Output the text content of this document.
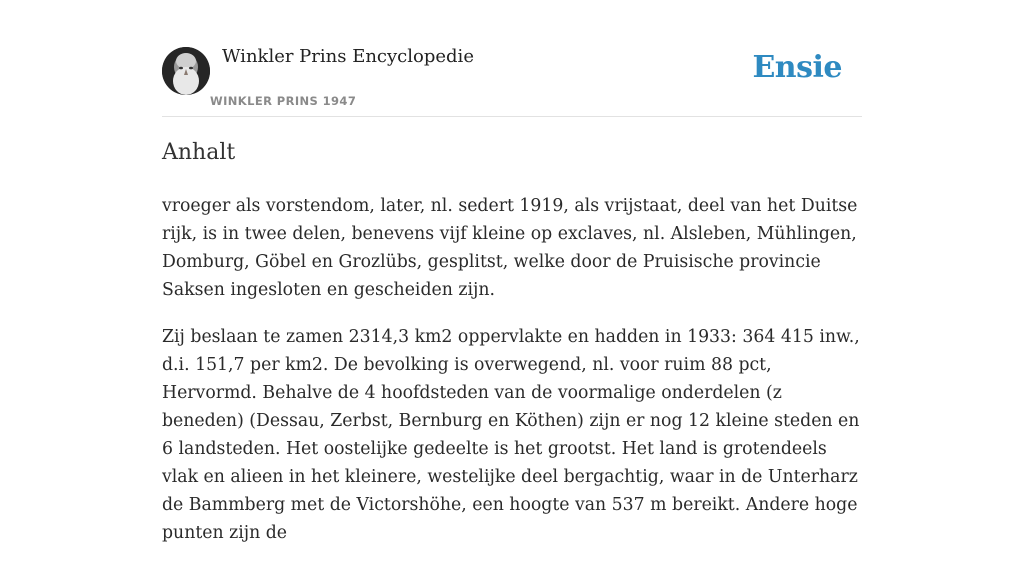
Winkler Prins Encyclopedie
WINKLER PRINS 1947
Ensie
Anhalt

vroeger als vorstendom, later, nl. sedert 1919, als vrijstaat, deel van het Duitse rijk, is in twee delen, benevens vijf kleine op exclaves, nl. Alsleben, Mühlingen, Domburg, Göbel en Grozlübs, gesplitst, welke door de Pruisische provincie Saksen ingesloten en gescheiden zijn.

Zij beslaan te zamen 2314,3 km2 oppervlakte en hadden in 1933: 364 415 inw., d.i. 151,7 per km2. De bevolking is overwegend, nl. voor ruim 88 pct, Hervormd. Behalve de 4 hoofdsteden van de voormalige onderdelen (z beneden) (Dessau, Zerbst, Bernburg en Köthen) zijn er nog 12 kleine steden en 6 landsteden. Het oostelijke gedeelte is het grootst. Het land is grotendeels vlak en alieen in het kleinere, westelijke deel bergachtig, waar in de Unterharz de Bammberg met de Victorshöhe, een hoogte van 537 m bereikt. Andere hoge punten zijn de
